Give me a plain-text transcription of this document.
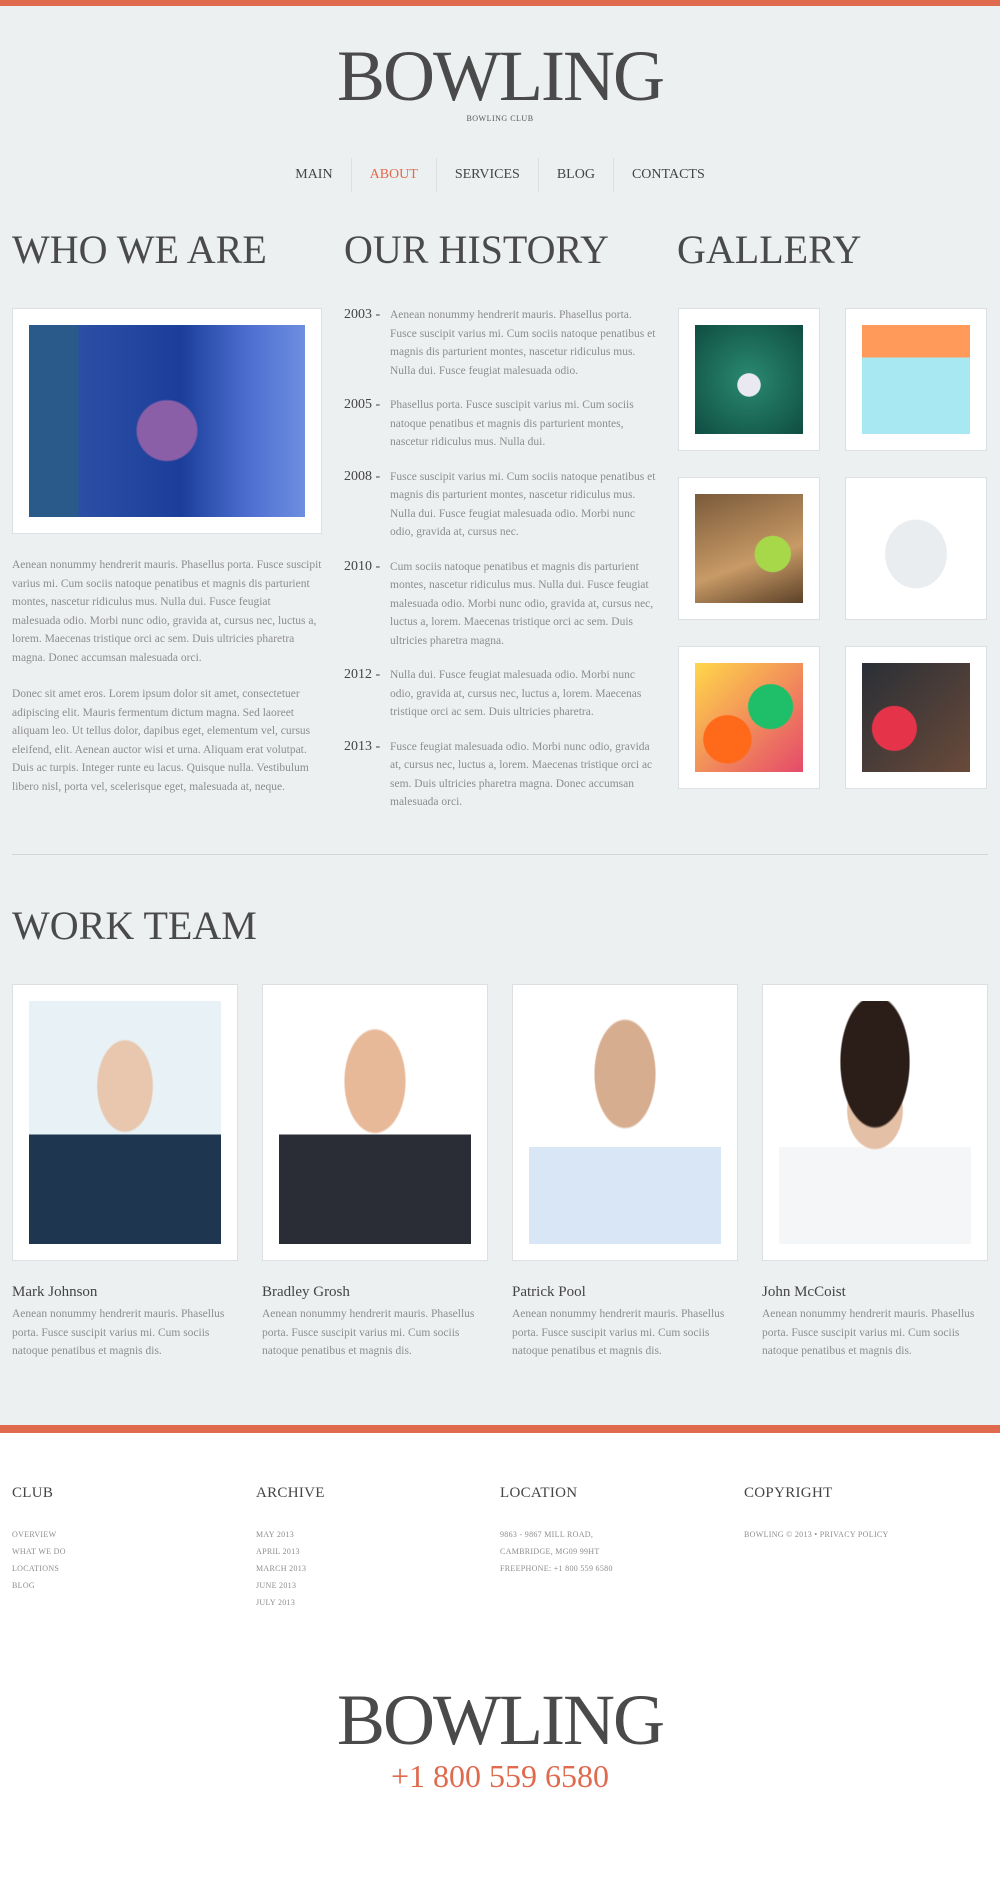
BOWLING
BOWLING CLUB
MAIN	ABOUT	SERVICES	BLOG	CONTACTS
WHO WE ARE

Aenean nonummy hendrerit mauris. Phasellus porta. Fusce suscipit varius mi. Cum sociis natoque penatibus et magnis dis parturient montes, nascetur ridiculus mus. Nulla dui. Fusce feugiat malesuada odio. Morbi nunc odio, gravida at, cursus nec, luctus a, lorem. Maecenas tristique orci ac sem. Duis ultricies pharetra magna. Donec accumsan malesuada orci.

Donec sit amet eros. Lorem ipsum dolor sit amet, consectetuer adipiscing elit. Mauris fermentum dictum magna. Sed laoreet aliquam leo. Ut tellus dolor, dapibus eget, elementum vel, cursus eleifend, elit. Aenean auctor wisi et urna. Aliquam erat volutpat. Duis ac turpis. Integer runte eu lacus. Quisque nulla. Vestibulum libero nisl, porta vel, scelerisque eget, malesuada at, neque.

OUR HISTORY
2003 - Aenean nonummy hendrerit mauris. Phasellus porta. Fusce suscipit varius mi. Cum sociis natoque penatibus et magnis dis parturient montes, nascetur ridiculus mus. Nulla dui. Fusce feugiat malesuada odio.
2005 - Phasellus porta. Fusce suscipit varius mi. Cum sociis natoque penatibus et magnis dis parturient montes, nascetur ridiculus mus. Nulla dui.
2008 - Fusce suscipit varius mi. Cum sociis natoque penatibus et magnis dis parturient montes, nascetur ridiculus mus. Nulla dui. Fusce feugiat malesuada odio. Morbi nunc odio, gravida at, cursus nec.
2010 - Cum sociis natoque penatibus et magnis dis parturient montes, nascetur ridiculus mus. Nulla dui. Fusce feugiat malesuada odio. Morbi nunc odio, gravida at, cursus nec, luctus a, lorem. Maecenas tristique orci ac sem. Duis ultricies pharetra magna.
2012 - Nulla dui. Fusce feugiat malesuada odio. Morbi nunc odio, gravida at, cursus nec, luctus a, lorem. Maecenas tristique orci ac sem. Duis ultricies pharetra.
2013 - Fusce feugiat malesuada odio. Morbi nunc odio, gravida at, cursus nec, luctus a, lorem. Maecenas tristique orci ac sem. Duis ultricies pharetra magna. Donec accumsan malesuada orci.
GALLERY
WORK TEAM
Mark Johnson
Aenean nonummy hendrerit mauris. Phasellus porta. Fusce suscipit varius mi. Cum sociis natoque penatibus et magnis dis.
Bradley Grosh
Aenean nonummy hendrerit mauris. Phasellus porta. Fusce suscipit varius mi. Cum sociis natoque penatibus et magnis dis.
Patrick Pool
Aenean nonummy hendrerit mauris. Phasellus porta. Fusce suscipit varius mi. Cum sociis natoque penatibus et magnis dis.
John McCoist
Aenean nonummy hendrerit mauris. Phasellus porta. Fusce suscipit varius mi. Cum sociis natoque penatibus et magnis dis.
CLUB
OVERVIEW
WHAT WE DO
LOCATIONS
BLOG
ARCHIVE
MAY 2013
APRIL 2013
MARCH 2013
JUNE 2013
JULY 2013
LOCATION
9863 - 9867 MILL ROAD,
CAMBRIDGE, MG09 99HT
FREEPHONE: +1 800 559 6580
COPYRIGHT
BOWLING © 2013 • PRIVACY POLICY
BOWLING
+1 800 559 6580
